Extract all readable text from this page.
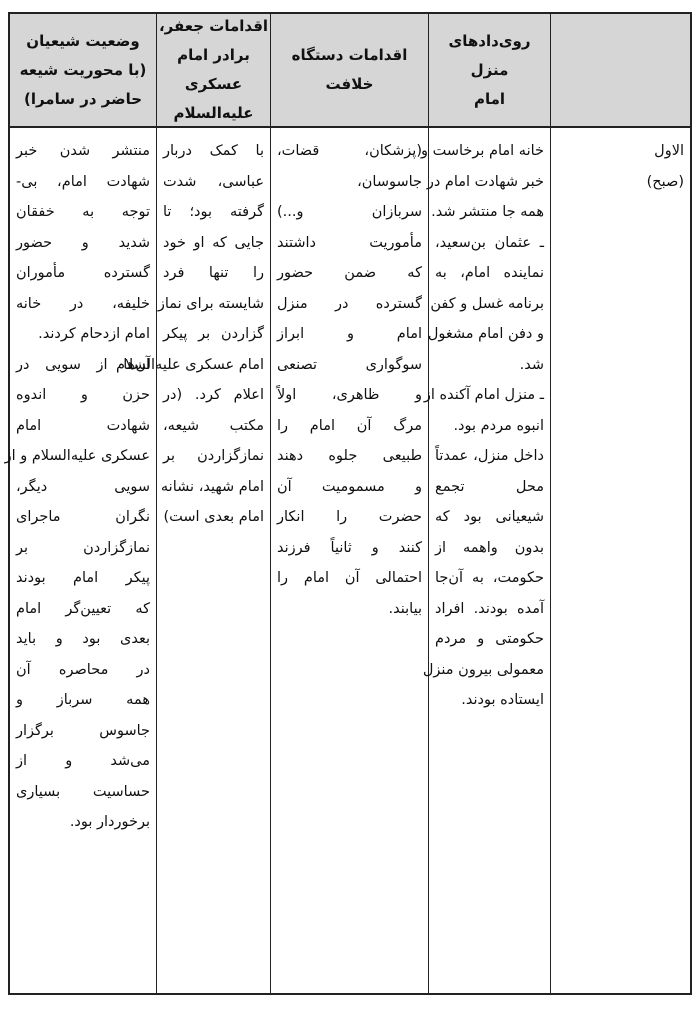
روی‌دادهای منزل
امام
اقدامات دستگاه
خلافت
اقدامات جعفر،
برادر امام
عسکری علیه‌السلام
وضعیت شیعیان
(با محوریت شیعه
حاضر در سامرا)
الاول
(صبح)
خانه امام برخاست و
خبر شهادت امام در
همه جا منتشر شد.
ـ عثمان بن‌سعید،
نماینده امام، به
برنامه غسل و کفن
و دفن امام مشغول
شد.
ـ منزل امام آکنده از
انبوه مردم بود.
داخل منزل، عمدتاً
محل تجمع
شیعیانی بود که
بدون واهمه از
حکومت، به آن‌جا
آمده بودند. افراد
حکومتی و مردم
معمولی بیرون منزل
ایستاده بودند.
(پزشکان، قضات،
جاسوسان،
سربازان و...)
مأموریت داشتند
که ضمن حضور
گسترده در منزل
امام و ابراز
سوگواری تصنعی
و ظاهری، اولاً
مرگ آن امام را
طبیعی جلوه دهند
و مسمومیت آن
حضرت را انکار
کنند و ثانیاً فرزند
احتمالی آن امام را
بیابند.
با کمک دربار
عباسی، شدت
گرفته بود؛ تا
جایی که او خود
را تنها فرد
شایسته برای نماز
گزاردن بر پیکر
امام عسکری علیه‌السلام
اعلام کرد. (در
مکتب شیعه،
نمازگزاردن بر
امام شهید، نشانه
امام بعدی است)
منتشر شدن خبر
شهادت امام، بی-
توجه به خفقان
شدید و حضور
گسترده مأموران
خلیفه، در خانه
امام ازدحام کردند.
آن‌ها از سویی در
حزن و اندوه
شهادت امام
عسکری علیه‌السلام و از
سویی دیگر،
نگران ماجرای
نمازگزاردن بر
پیکر امام بودند
که تعیین‌گر امام
بعدی بود و باید
در محاصره آن
همه سرباز و
جاسوس برگزار
می‌شد و از
حساسیت بسیاری
برخوردار بود.
